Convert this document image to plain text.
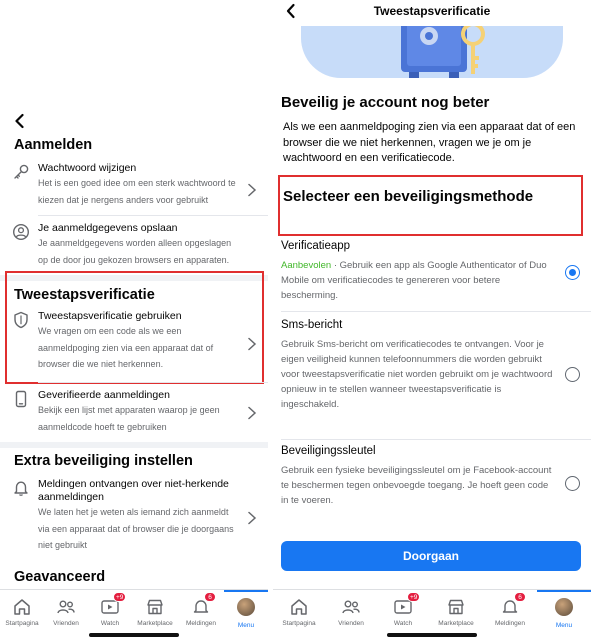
Aanmelden
Wachtwoord wijzigen
Het is een goed idee om een sterk wachtwoord te kiezen dat je nergens anders voor gebruikt
Je aanmeldgegevens opslaan
Je aanmeldgegevens worden alleen opgeslagen op de door jou gekozen browsers en apparaten.
Tweestapsverificatie
Tweestapsverificatie gebruiken
We vragen om een code als we een aanmeldpoging zien via een apparaat dat of browser die we niet herkennen.
Geverifieerde aanmeldingen
Bekijk een lijst met apparaten waarop je geen aanmeldcode hoeft te gebruiken
Extra beveiliging instellen
Meldingen ontvangen over niet-herkende aanmeldingen
We laten het je weten als iemand zich aanmeldt via een apparaat dat of browser die je doorgaans niet gebruikt
Geavanceerd
Startpagina	Vrienden
+9
Watch	Marketplace
6
Meldingen	Menu
Tweestapsverificatie
Beveilig je account nog beter
Als we een aanmeldpoging zien via een apparaat dat of een browser die we niet herkennen, vragen we je om je wachtwoord en een verificatiecode.
Selecteer een beveiligingsmethode
Verificatieapp
Aanbevolen · Gebruik een app als Google Authenticator of Duo Mobile om verificatiecodes te genereren voor betere bescherming.
Sms-bericht
Gebruik Sms-bericht om verificatiecodes te ontvangen. Voor je eigen veiligheid kunnen telefoonnummers die worden gebruikt voor tweestapsverificatie niet worden gebruikt om je wachtwoord opnieuw in te stellen wanneer tweestapsverificatie is ingeschakeld.
Beveiligingssleutel
Gebruik een fysieke beveiligingssleutel om je Facebook-account te beschermen tegen onbevoegde toegang. Je hoeft geen code in te voeren.
Doorgaan
Startpagina	Vrienden
+9
Watch	Marketplace
6
Meldingen	Menu
